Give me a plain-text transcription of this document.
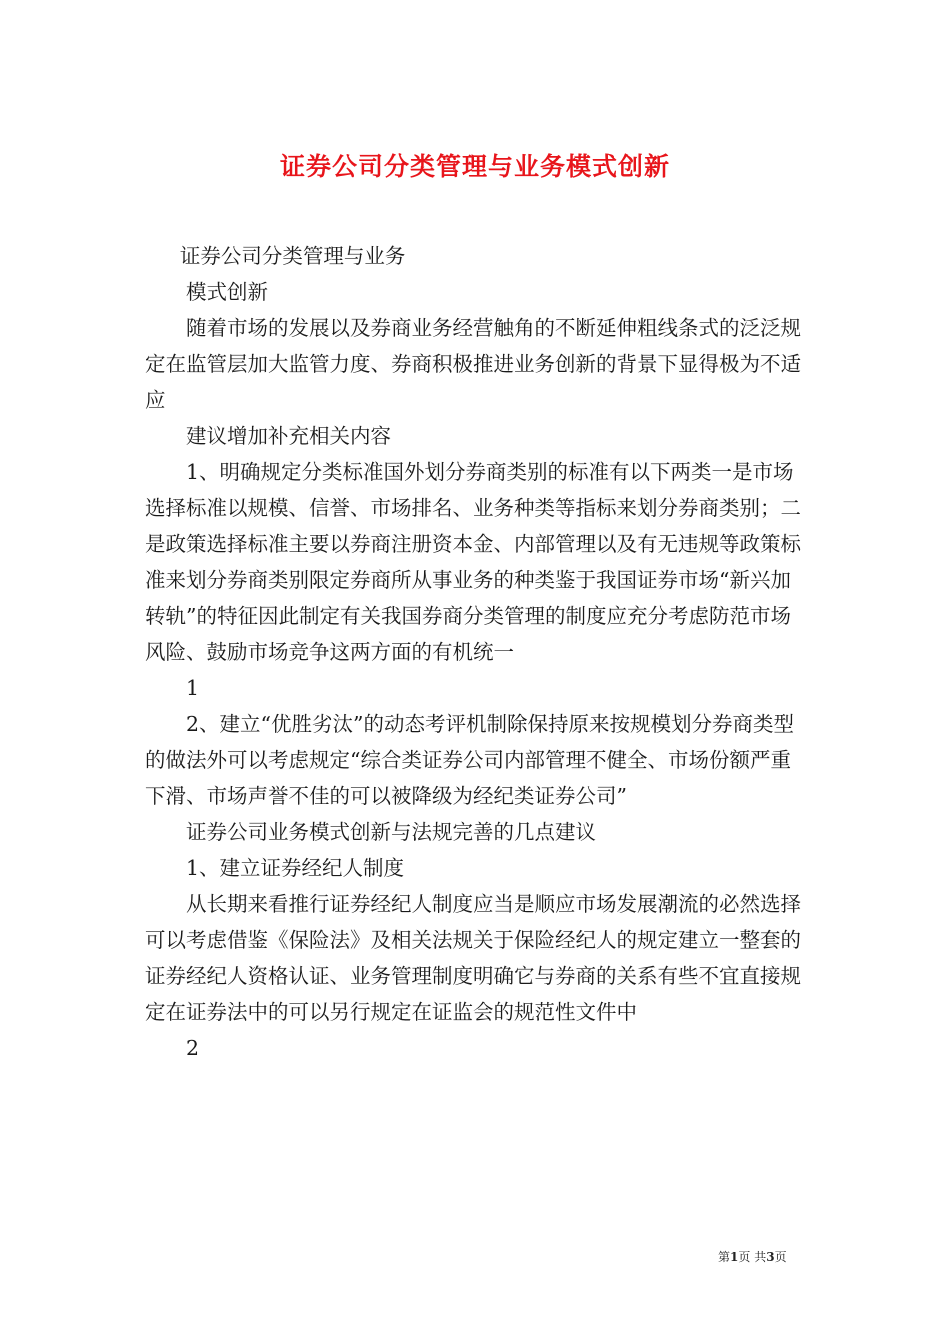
证券公司分类管理与业务模式创新

证券公司分类管理与业务

模式创新

随着市场的发展以及券商业务经营触角的不断延伸粗线条式的泛泛规定在监管层加大监管力度、券商积极推进业务创新的背景下显得极为不适应

建议增加补充相关内容

1、明确规定分类标准国外划分券商类别的标准有以下两类一是市场选择标准以规模、信誉、市场排名、业务种类等指标来划分券商类别；二是政策选择标准主要以券商注册资本金、内部管理以及有无违规等政策标准来划分券商类别限定券商所从事业务的种类鉴于我国证券市场“新兴加转轨”的特征因此制定有关我国券商分类管理的制度应充分考虑防范市场风险、鼓励市场竞争这两方面的有机统一

1

2、建立“优胜劣汰”的动态考评机制除保持原来按规模划分券商类型的做法外可以考虑规定“综合类证券公司内部管理不健全、市场份额严重下滑、市场声誉不佳的可以被降级为经纪类证券公司”

证券公司业务模式创新与法规完善的几点建议

1、建立证券经纪人制度

从长期来看推行证券经纪人制度应当是顺应市场发展潮流的必然选择可以考虑借鉴《保险法》及相关法规关于保险经纪人的规定建立一整套的证券经纪人资格认证、业务管理制度明确它与券商的关系有些不宜直接规定在证券法中的可以另行规定在证监会的规范性文件中

2

第1页 共3页
